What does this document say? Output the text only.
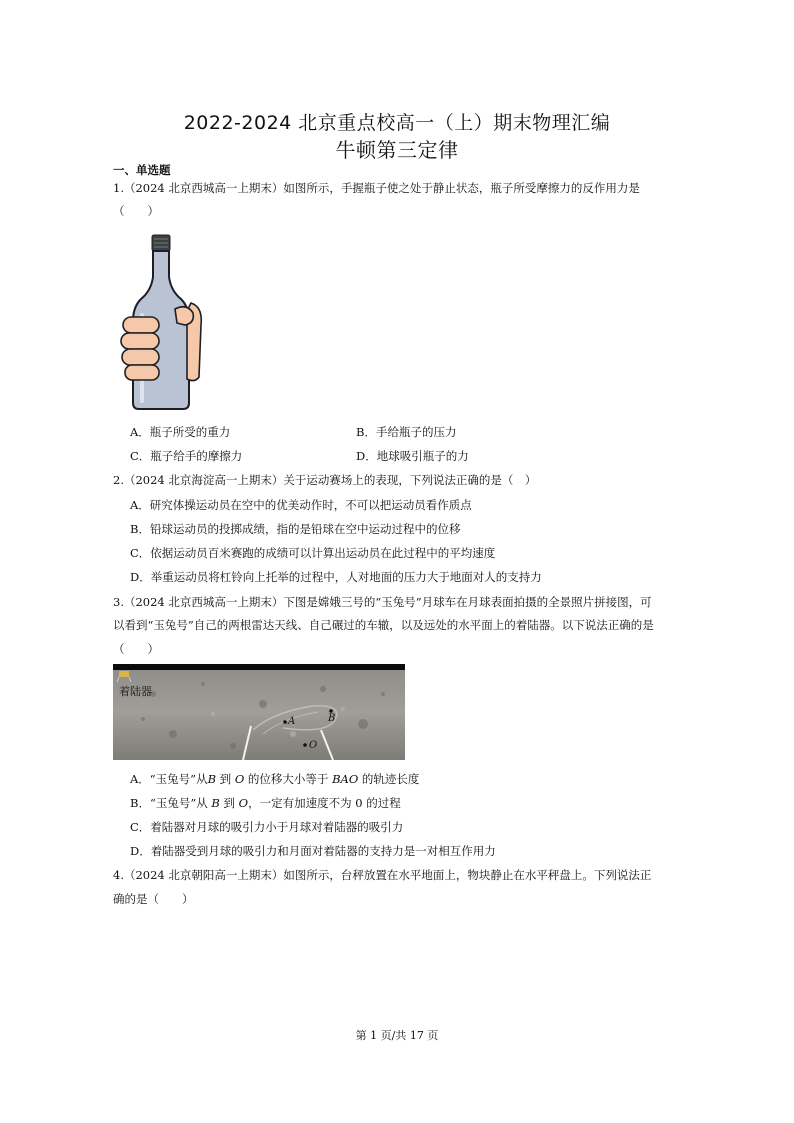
2022-2024 北京重点校高一（上）期末物理汇编
牛顿第三定律
一、单选题
1.（2024 北京西城高一上期末）如图所示，手握瓶子使之处于静止状态，瓶子所受摩擦力的反作用力是
（　　）
A．瓶子所受的重力	B．手给瓶子的压力
C．瓶子给手的摩擦力	D．地球吸引瓶子的力
2.（2024 北京海淀高一上期末）关于运动赛场上的表现，下列说法正确的是（　）
A．研究体操运动员在空中的优美动作时，不可以把运动员看作质点
B．铅球运动员的投掷成绩，指的是铅球在空中运动过程中的位移
C．依据运动员百米赛跑的成绩可以计算出运动员在此过程中的平均速度
D．举重运动员将杠铃向上托举的过程中，人对地面的压力大于地面对人的支持力
3.（2024 北京西城高一上期末）下图是嫦娥三号的“玉兔号”月球车在月球表面拍摄的全景照片拼接图，可
以看到“玉兔号”自己的两根雷达天线、自己碾过的车辙，以及远处的水平面上的着陆器。以下说法正确的是
（　　）
着陆器
A	B
O
A．“玉兔号”从B 到 O 的位移大小等于 BAO 的轨迹长度
B．“玉兔号”从 B 到 O，一定有加速度不为 0 的过程
C．着陆器对月球的吸引力小于月球对着陆器的吸引力
D．着陆器受到月球的吸引力和月面对着陆器的支持力是一对相互作用力
4.（2024 北京朝阳高一上期末）如图所示，台秤放置在水平地面上，物块静止在水平秤盘上。下列说法正
确的是（　　）
第 1 页/共 17 页
